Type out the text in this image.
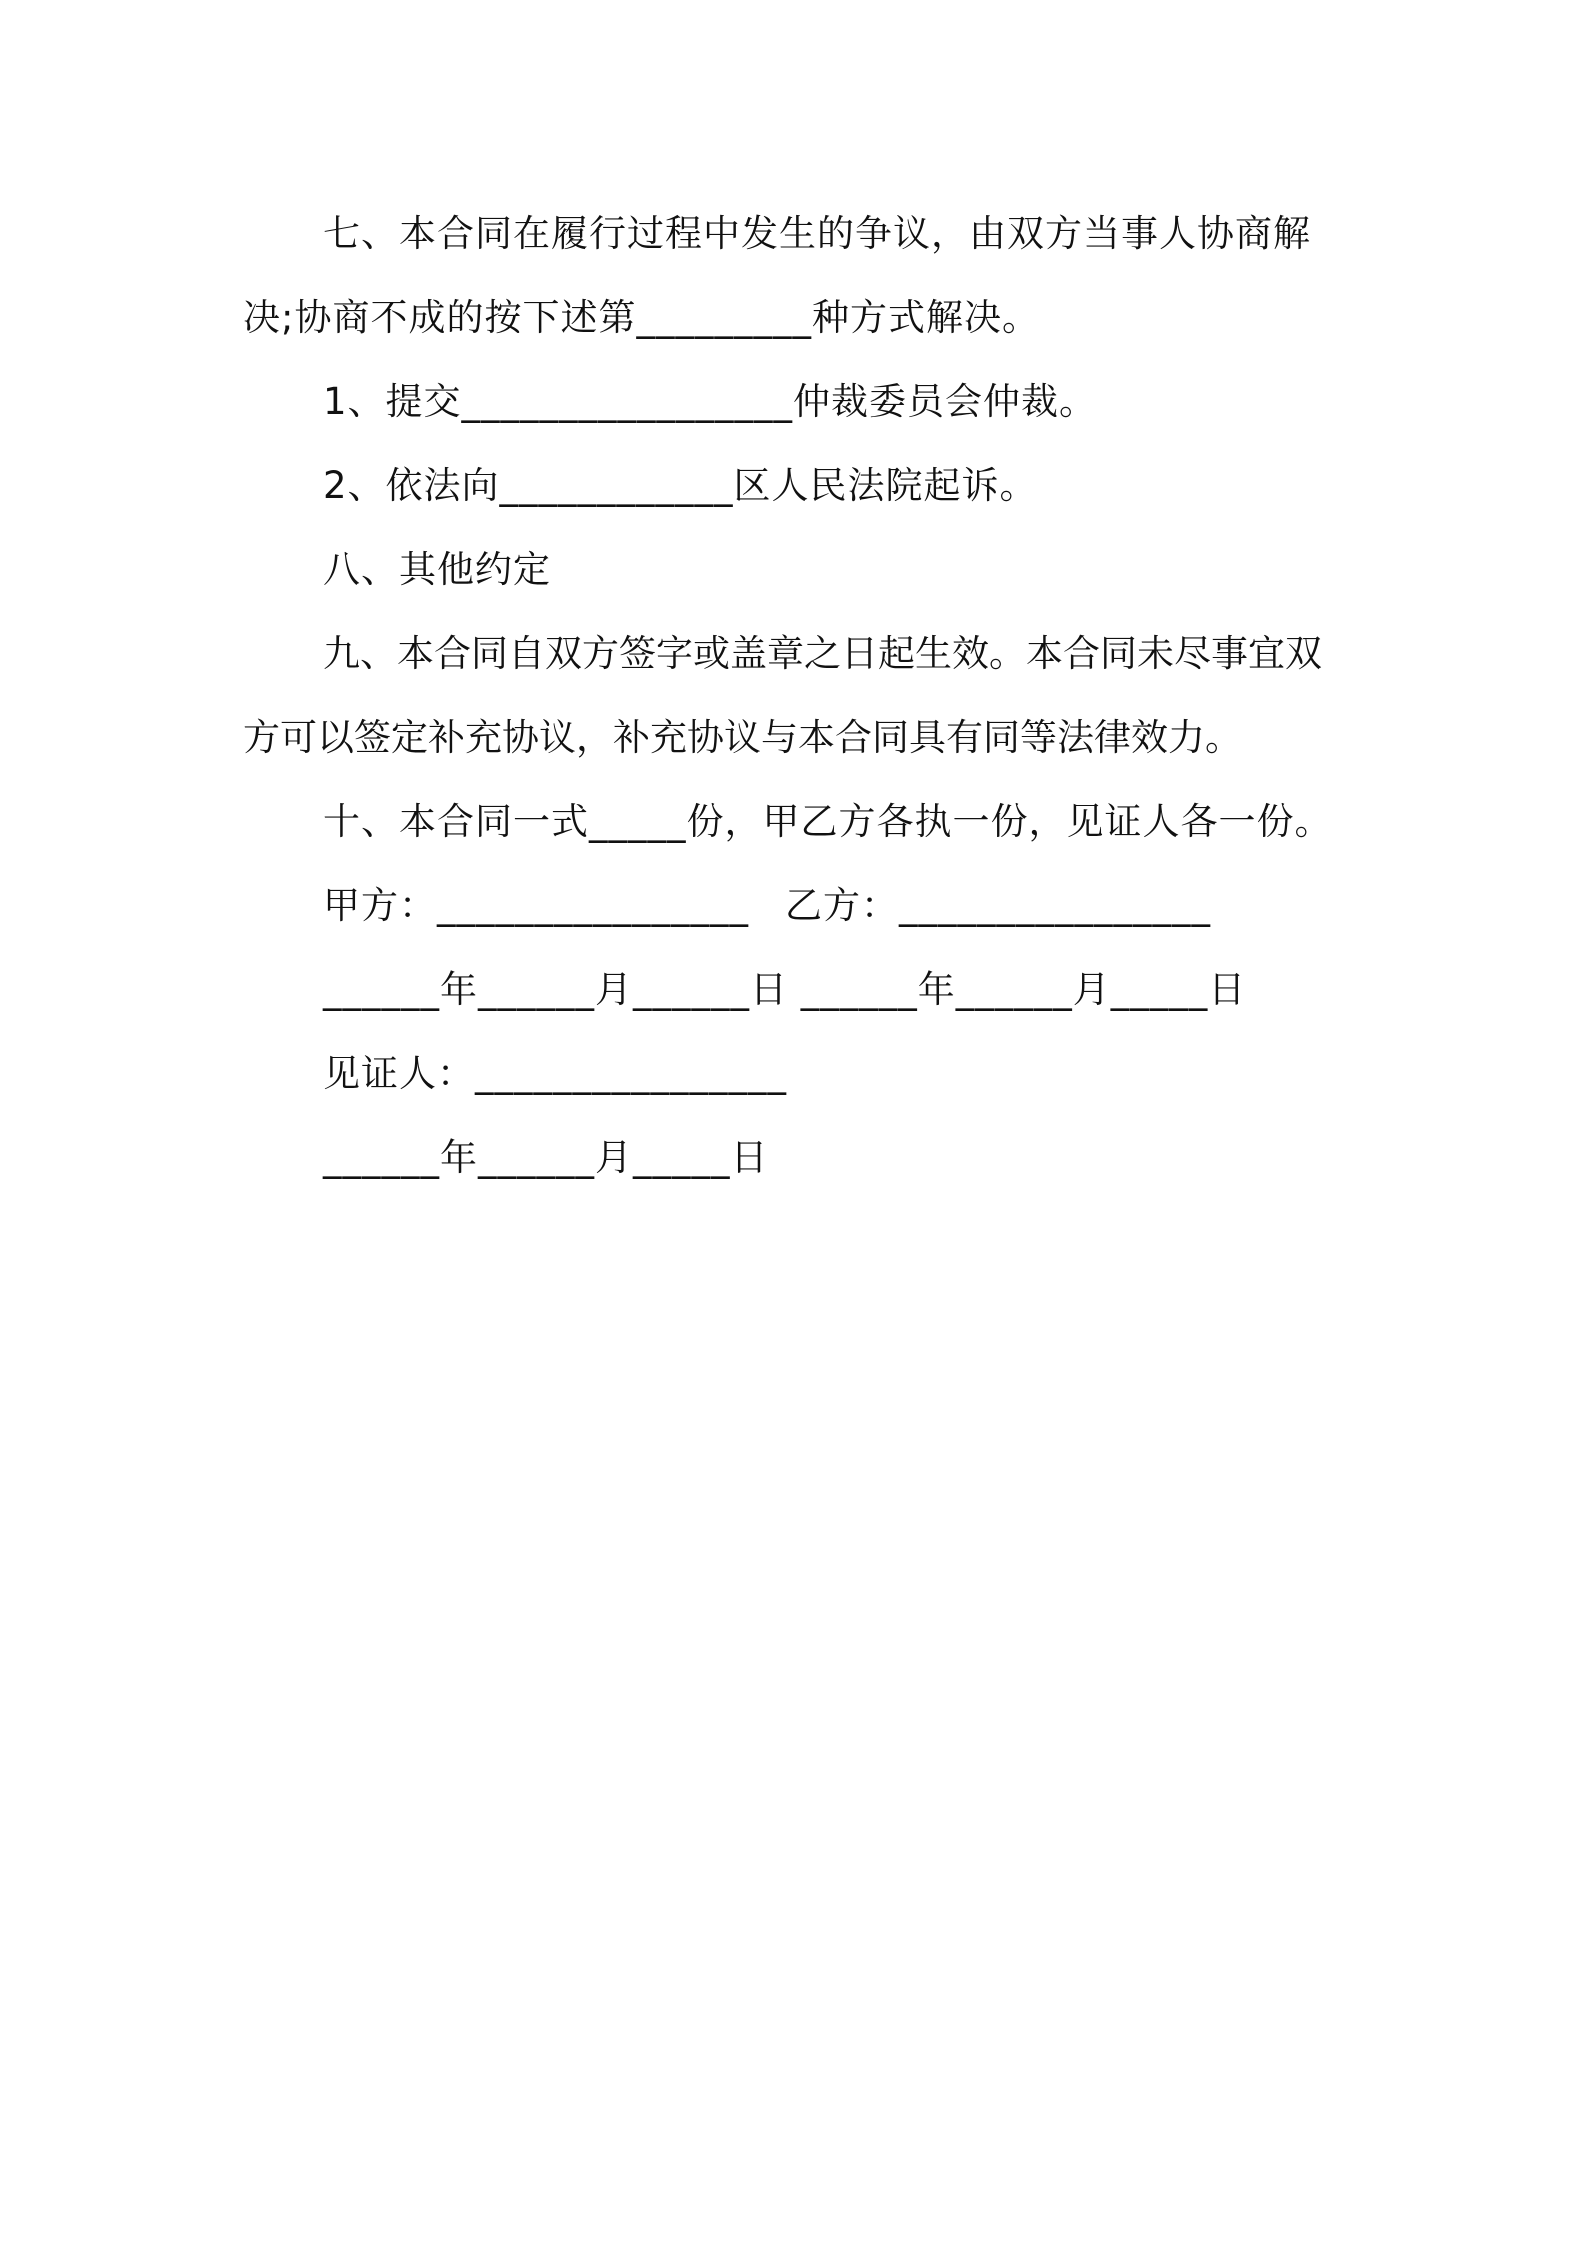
七、本合同在履行过程中发生的争议，由双方当事人协商解决;协商不成的按下述第_________种方式解决。

1、提交_________________仲裁委员会仲裁。

2、依法向____________区人民法院起诉。

八、其他约定

九、本合同自双方签字或盖章之日起生效。本合同未尽事宜双方可以签定补充协议，补充协议与本合同具有同等法律效力。

十、本合同一式_____份，甲乙方各执一份，见证人各一份。

甲方：________________ 乙方：________________

______年______月______日 ______年______月_____日

见证人：________________

______年______月_____日
